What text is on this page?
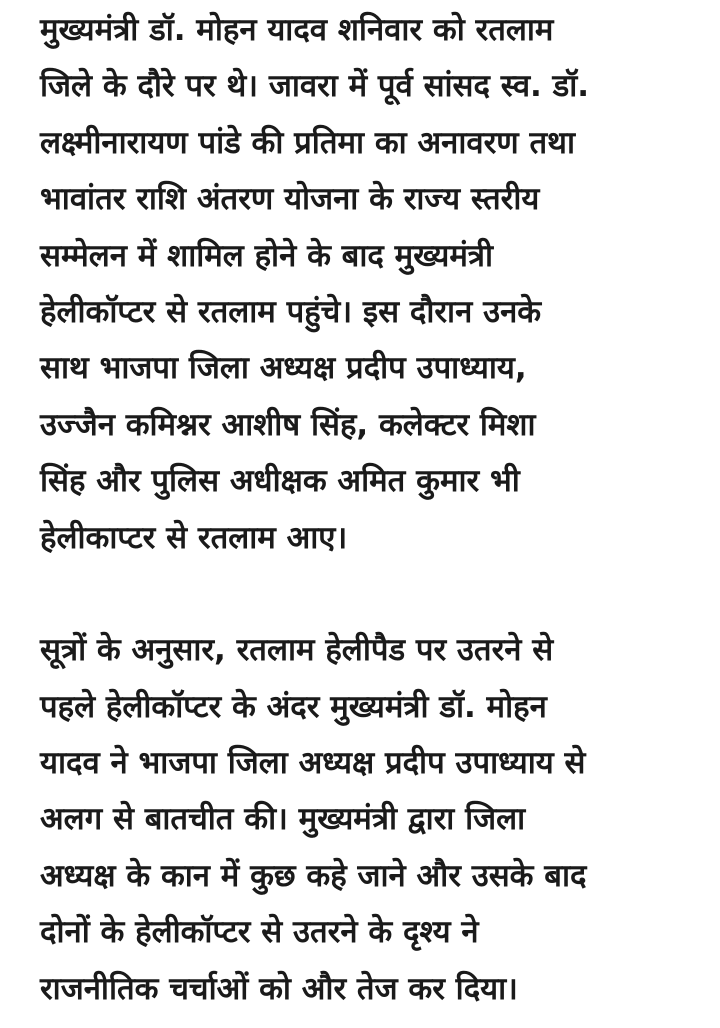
मुख्यमंत्री डॉ. मोहन यादव शनिवार को रतलाम
जिले के दौरे पर थे। जावरा में पूर्व सांसद स्व. डॉ.
लक्ष्मीनारायण पांडे की प्रतिमा का अनावरण तथा
भावांतर राशि अंतरण योजना के राज्य स्तरीय
सम्मेलन में शामिल होने के बाद मुख्यमंत्री
हेलीकॉप्टर से रतलाम पहुंचे। इस दौरान उनके
साथ भाजपा जिला अध्यक्ष प्रदीप उपाध्याय,
उज्जैन कमिश्नर आशीष सिंह, कलेक्टर मिशा
सिंह और पुलिस अधीक्षक अमित कुमार भी
हेलीकाप्टर से रतलाम आए।

सूत्रों के अनुसार, रतलाम हेलीपैड पर उतरने से
पहले हेलीकॉप्टर के अंदर मुख्यमंत्री डॉ. मोहन
यादव ने भाजपा जिला अध्यक्ष प्रदीप उपाध्याय से
अलग से बातचीत की। मुख्यमंत्री द्वारा जिला
अध्यक्ष के कान में कुछ कहे जाने और उसके बाद
दोनों के हेलीकॉप्टर से उतरने के दृश्य ने
राजनीतिक चर्चाओं को और तेज कर दिया।
